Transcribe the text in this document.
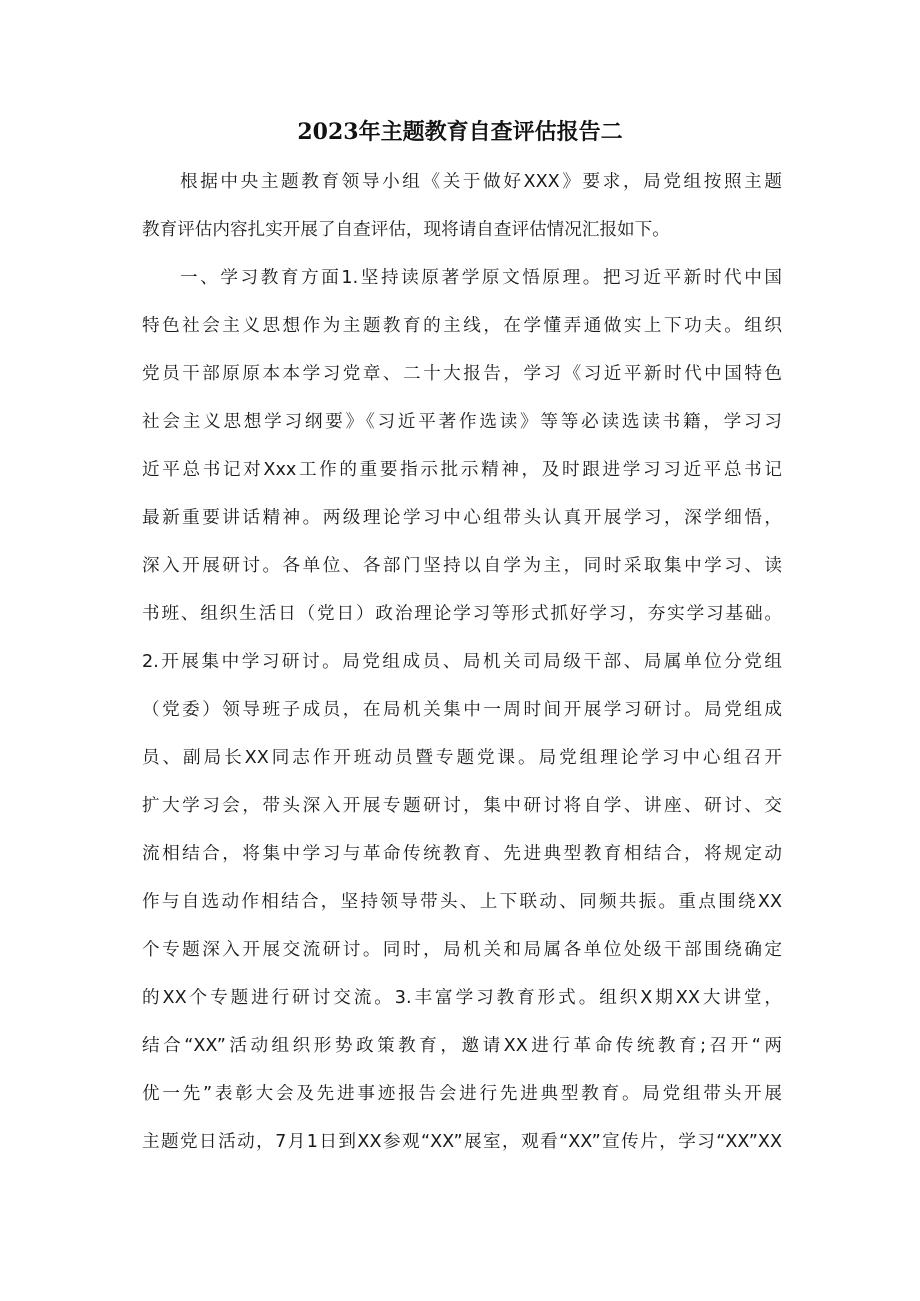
2023年主题教育自查评估报告二

根据中央主题教育领导小组《关于做好XXX》要求，局党组按照主题

教育评估内容扎实开展了自查评估，现将请自查评估情况汇报如下。

一、学习教育方面1.坚持读原著学原文悟原理。把习近平新时代中国

特色社会主义思想作为主题教育的主线，在学懂弄通做实上下功夫。组织

党员干部原原本本学习党章、二十大报告，学习《习近平新时代中国特色

社会主义思想学习纲要》《习近平著作选读》等等必读选读书籍，学习习

近平总书记对Xxx工作的重要指示批示精神，及时跟进学习习近平总书记

最新重要讲话精神。两级理论学习中心组带头认真开展学习，深学细悟，

深入开展研讨。各单位、各部门坚持以自学为主，同时采取集中学习、读

书班、组织生活日（党日）政治理论学习等形式抓好学习，夯实学习基础。

2.开展集中学习研讨。局党组成员、局机关司局级干部、局属单位分党组

（党委）领导班子成员，在局机关集中一周时间开展学习研讨。局党组成

员、副局长XX同志作开班动员暨专题党课。局党组理论学习中心组召开

扩大学习会，带头深入开展专题研讨，集中研讨将自学、讲座、研讨、交

流相结合，将集中学习与革命传统教育、先进典型教育相结合，将规定动

作与自选动作相结合，坚持领导带头、上下联动、同频共振。重点围绕XX

个专题深入开展交流研讨。同时，局机关和局属各单位处级干部围绕确定

的XX个专题进行研讨交流。3.丰富学习教育形式。组织X期XX大讲堂，

结合“XX”活动组织形势政策教育，邀请XX进行革命传统教育;召开“两

优一先”表彰大会及先进事迹报告会进行先进典型教育。局党组带头开展

主题党日活动，7月1日到XX参观“XX”展室，观看“XX”宣传片，学习“XX”XX
